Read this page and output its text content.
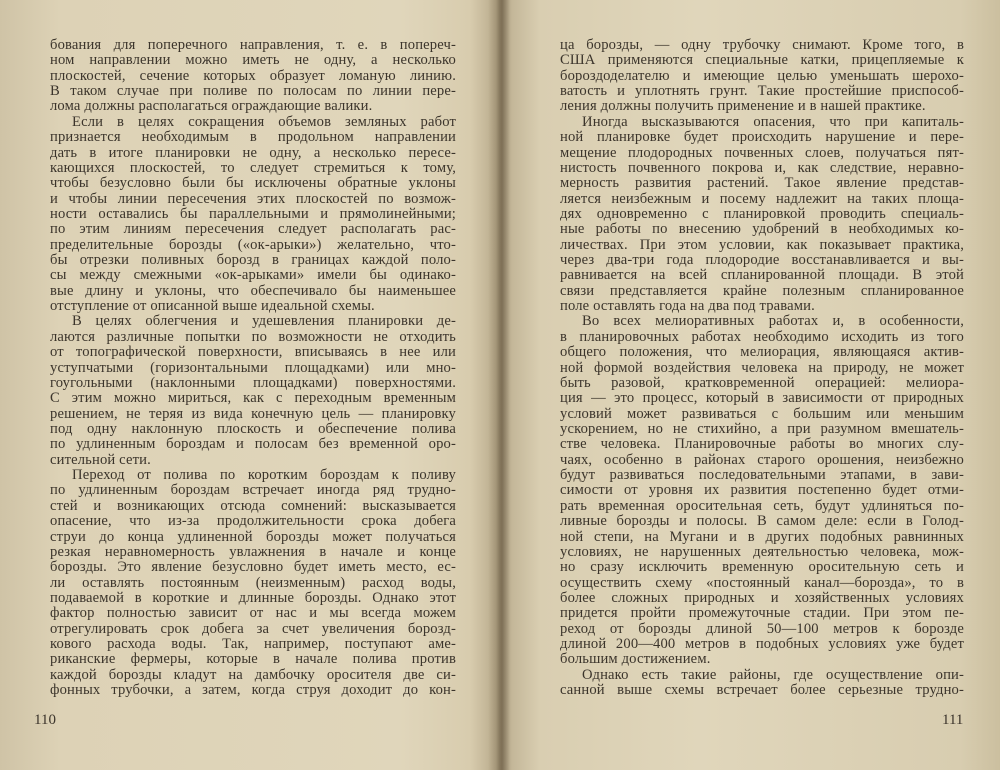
бования для поперечного направления, т. е. в попереч-
ном направлении можно иметь не одну, а несколько
плоскостей, сечение которых образует ломаную линию.
В таком случае при поливе по полосам по линии пере-
лома должны располагаться ограждающие валики.
Если в целях сокращения объемов земляных работ
признается необходимым в продольном направлении
дать в итоге планировки не одну, а несколько пересе-
кающихся плоскостей, то следует стремиться к тому,
чтобы безусловно были бы исключены обратные уклоны
и чтобы линии пересечения этих плоскостей по возмож-
ности оставались бы параллельными и прямолинейными;
по этим линиям пересечения следует располагать рас-
пределительные борозды («ок-арыки») желательно, что-
бы отрезки поливных борозд в границах каждой поло-
сы между смежными «ок-арыками» имели бы одинако-
вые длину и уклоны, что обеспечивало бы наименьшее
отступление от описанной выше идеальной схемы.
В целях облегчения и удешевления планировки де-
лаются различные попытки по возможности не отходить
от топографической поверхности, вписываясь в нее или
уступчатыми (горизонтальными площадками) или мно-
гоугольными (наклонными площадками) поверхностями.
С этим можно мириться, как с переходным временным
решением, не теряя из вида конечную цель — планировку
под одну наклонную плоскость и обеспечение полива
по удлиненным бороздам и полосам без временной оро-
сительной сети.
Переход от полива по коротким бороздам к поливу
по удлиненным бороздам встречает иногда ряд трудно-
стей и возникающих отсюда сомнений: высказывается
опасение, что из-за продолжительности срока добега
струи до конца удлиненной борозды может получаться
резкая неравномерность увлажнения в начале и конце
борозды. Это явление безусловно будет иметь место, ес-
ли оставлять постоянным (неизменным) расход воды,
подаваемой в короткие и длинные борозды. Однако этот
фактор полностью зависит от нас и мы всегда можем
отрегулировать срок добега за счет увеличения борозд-
кового расхода воды. Так, например, поступают аме-
риканские фермеры, которые в начале полива против
каждой борозды кладут на дамбочку оросителя две си-
фонных трубочки, а затем, когда струя доходит до кон-
ца борозды, — одну трубочку снимают. Кроме того, в
США применяются специальные катки, прицепляемые к
бороздоделателю и имеющие целью уменьшать шерохо-
ватость и уплотнять грунт. Такие простейшие приспособ-
ления должны получить применение и в нашей практике.
Иногда высказываются опасения, что при капиталь-
ной планировке будет происходить нарушение и пере-
мещение плодородных почвенных слоев, получаться пят-
нистость почвенного покрова и, как следствие, неравно-
мерность развития растений. Такое явление представ-
ляется неизбежным и посему надлежит на таких площа-
дях одновременно с планировкой проводить специаль-
ные работы по внесению удобрений в необходимых ко-
личествах. При этом условии, как показывает практика,
через два-три года плодородие восстанавливается и вы-
равнивается на всей спланированной площади. В этой
связи представляется крайне полезным спланированное
поле оставлять года на два под травами.
Во всех мелиоративных работах и, в особенности,
в планировочных работах необходимо исходить из того
общего положения, что мелиорация, являющаяся актив-
ной формой воздействия человека на природу, не может
быть разовой, кратковременной операцией: мелиора-
ция — это процесс, который в зависимости от природных
условий может развиваться с большим или меньшим
ускорением, но не стихийно, а при разумном вмешатель-
стве человека. Планировочные работы во многих слу-
чаях, особенно в районах старого орошения, неизбежно
будут развиваться последовательными этапами, в зави-
симости от уровня их развития постепенно будет отми-
рать временная оросительная сеть, будут удлиняться по-
ливные борозды и полосы. В самом деле: если в Голод-
ной степи, на Мугани и в других подобных равнинных
условиях, не нарушенных деятельностью человека, мож-
но сразу исключить временную оросительную сеть и
осуществить схему «постоянный канал—борозда», то в
более сложных природных и хозяйственных условиях
придется пройти промежуточные стадии. При этом пе-
реход от борозды длиной 50—100 метров к борозде
длиной 200—400 метров в подобных условиях уже будет
большим достижением.
Однако есть такие районы, где осуществление опи-
санной выше схемы встречает более серьезные трудно-
110	111
